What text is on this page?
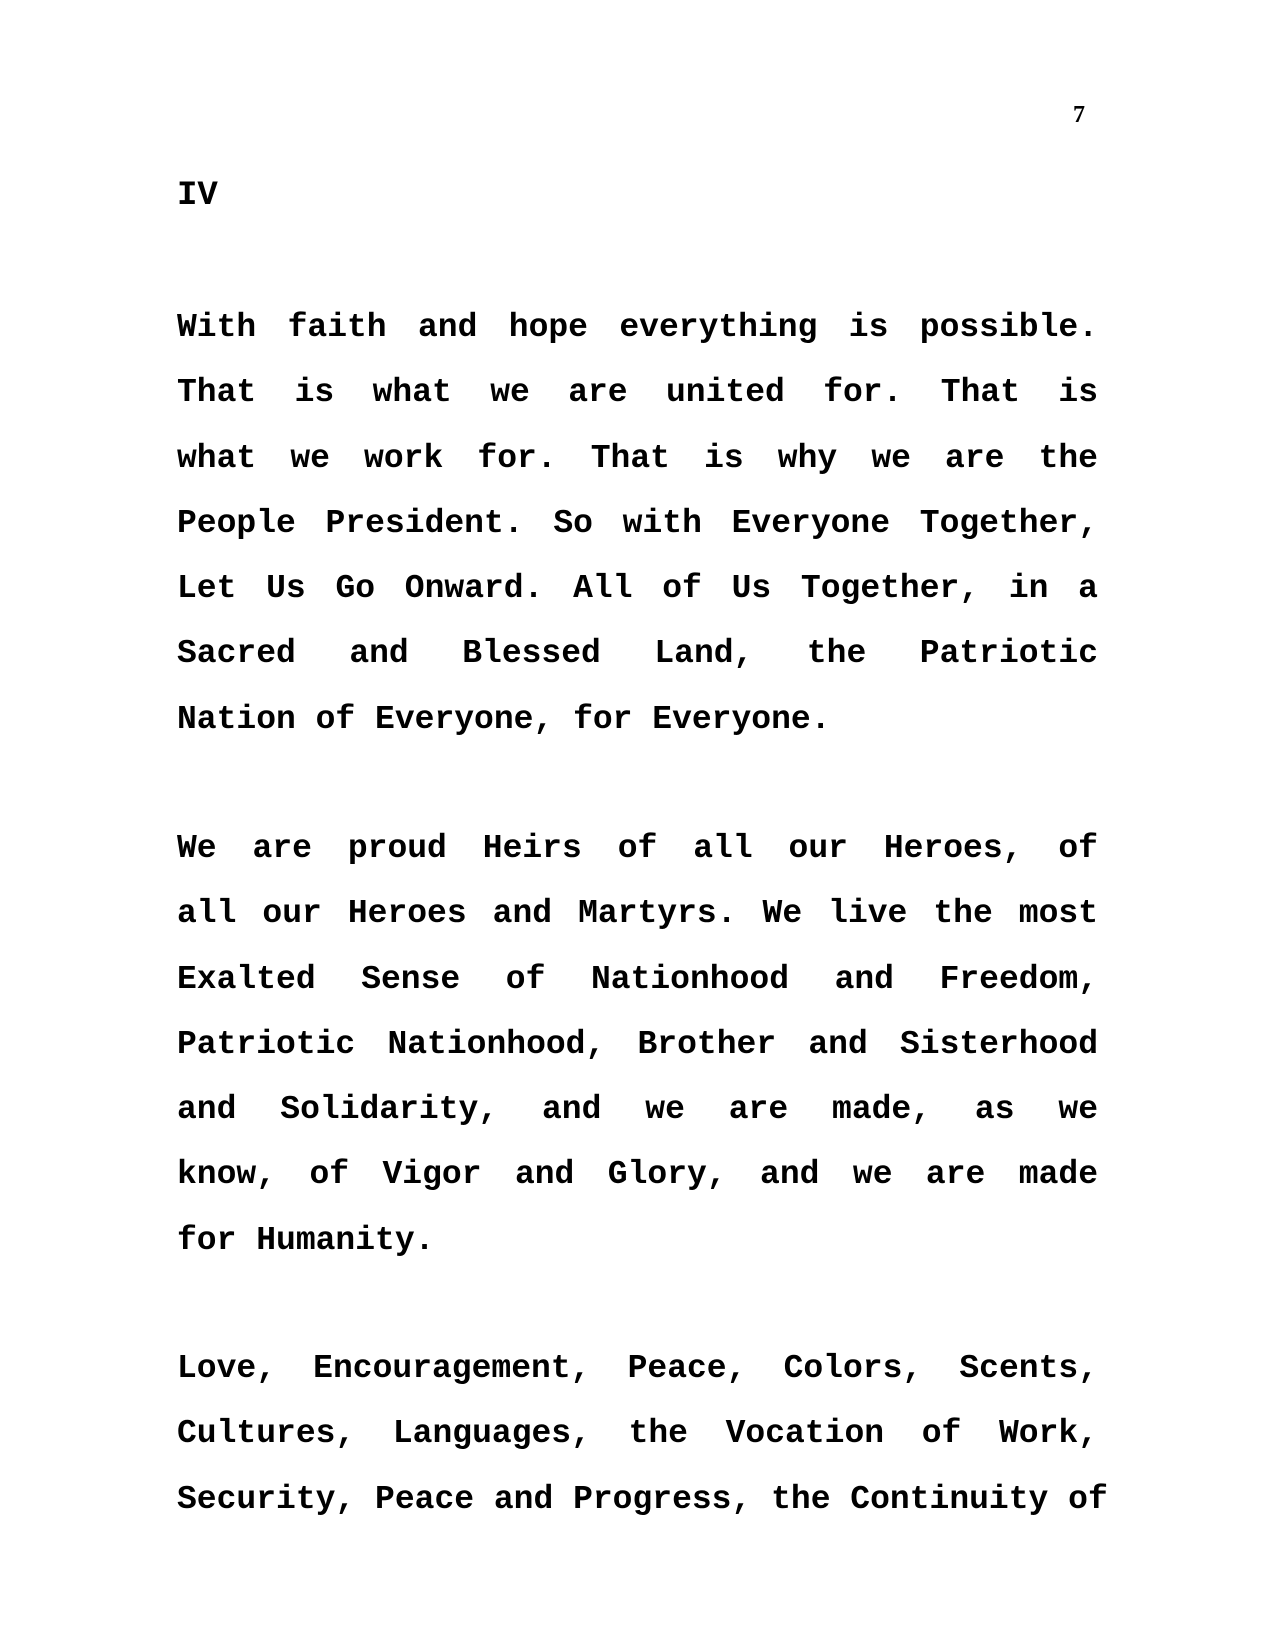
7
IV
With faith and hope everything is possible.
That is what we are united for. That is
what we work for. That is why we are the
People President. So with Everyone Together,
Let Us Go Onward. All of Us Together, in a
Sacred and Blessed Land, the Patriotic
Nation of Everyone, for Everyone.
We are proud Heirs of all our Heroes, of
all our Heroes and Martyrs. We live the most
Exalted Sense of Nationhood and Freedom,
Patriotic Nationhood, Brother and Sisterhood
and Solidarity, and we are made, as we
know, of Vigor and Glory, and we are made
for Humanity.
Love, Encouragement, Peace, Colors, Scents,
Cultures, Languages, the Vocation of Work,
Security, Peace and Progress, the Continuity of
